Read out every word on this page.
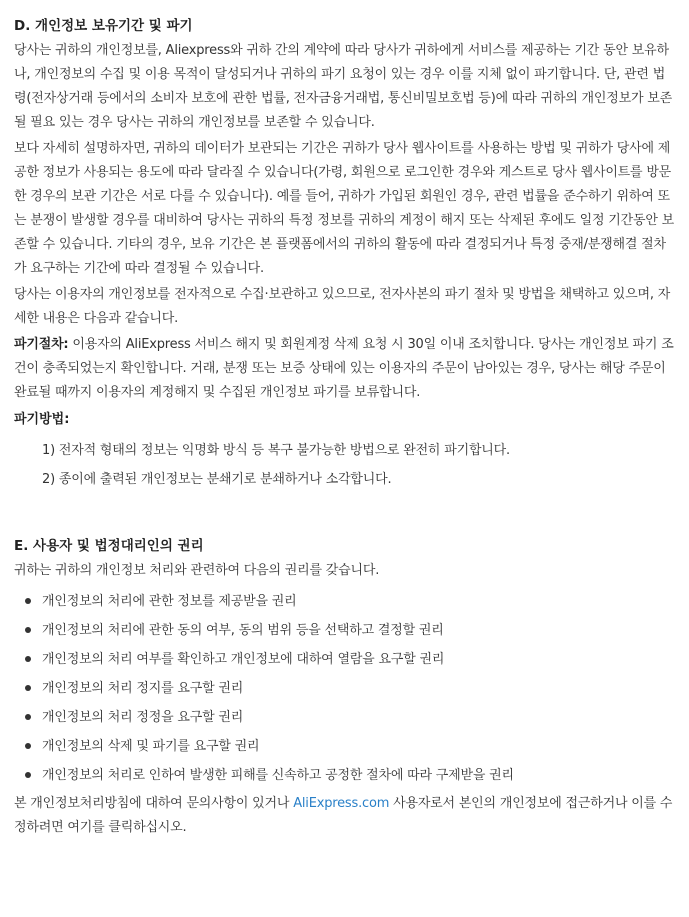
D. 개인정보 보유기간 및 파기

당사는 귀하의 개인정보를, Aliexpress와 귀하 간의 계약에 따라 당사가 귀하에게 서비스를 제공하는 기간 동안 보유하나, 개인정보의 수집 및 이용 목적이 달성되거나 귀하의 파기 요청이 있는 경우 이를 지체 없이 파기합니다. 단, 관련 법령(전자상거래 등에서의 소비자 보호에 관한 법률, 전자금융거래법, 통신비밀보호법 등)에 따라 귀하의 개인정보가 보존될 필요 있는 경우 당사는 귀하의 개인정보를 보존할 수 있습니다.

보다 자세히 설명하자면, 귀하의 데이터가 보관되는 기간은 귀하가 당사 웹사이트를 사용하는 방법 및 귀하가 당사에 제공한 정보가 사용되는 용도에 따라 달라질 수 있습니다(가령, 회원으로 로그인한 경우와 게스트로 당사 웹사이트를 방문한 경우의 보관 기간은 서로 다를 수 있습니다). 예를 들어, 귀하가 가입된 회원인 경우, 관련 법률을 준수하기 위하여 또는 분쟁이 발생할 경우를 대비하여 당사는 귀하의 특정 정보를 귀하의 계정이 해지 또는 삭제된 후에도 일정 기간동안 보존할 수 있습니다. 기타의 경우, 보유 기간은 본 플랫폼에서의 귀하의 활동에 따라 결정되거나 특정 중재/분쟁해결 절차가 요구하는 기간에 따라 결정될 수 있습니다.

당사는 이용자의 개인정보를 전자적으로 수집·보관하고 있으므로, 전자사본의 파기 절차 및 방법을 채택하고 있으며, 자세한 내용은 다음과 같습니다.

파기절차: 이용자의 AliExpress 서비스 해지 및 회원계정 삭제 요청 시 30일 이내 조치합니다. 당사는 개인정보 파기 조건이 충족되었는지 확인합니다. 거래, 분쟁 또는 보증 상태에 있는 이용자의 주문이 남아있는 경우, 당사는 해당 주문이 완료될 때까지 이용자의 계정해지 및 수집된 개인정보 파기를 보류합니다.

파기방법:
1) 전자적 형태의 정보는 익명화 방식 등 복구 불가능한 방법으로 완전히 파기합니다.
2) 종이에 출력된 개인정보는 분쇄기로 분쇄하거나 소각합니다.
E. 사용자 및 법정대리인의 권리

귀하는 귀하의 개인정보 처리와 관련하여 다음의 권리를 갖습니다.

개인정보의 처리에 관한 정보를 제공받을 권리
개인정보의 처리에 관한 동의 여부, 동의 범위 등을 선택하고 결정할 권리
개인정보의 처리 여부를 확인하고 개인정보에 대하여 열람을 요구할 권리
개인정보의 처리 정지를 요구할 권리
개인정보의 처리 정정을 요구할 권리
개인정보의 삭제 및 파기를 요구할 권리
개인정보의 처리로 인하여 발생한 피해를 신속하고 공정한 절차에 따라 구제받을 권리

본 개인정보처리방침에 대하여 문의사항이 있거나 AliExpress.com 사용자로서 본인의 개인정보에 접근하거나 이를 수정하려면 여기를 클릭하십시오.
